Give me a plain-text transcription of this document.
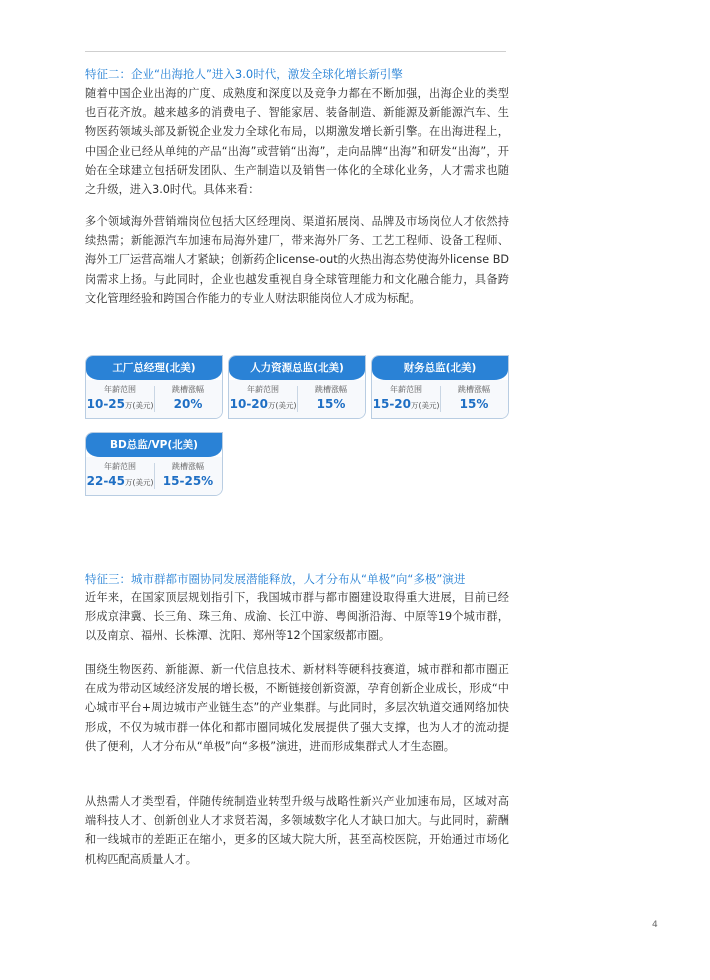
特征二：企业“出海抢人”进入3.0时代，激发全球化增长新引擎

随着中国企业出海的广度、成熟度和深度以及竞争力都在不断加强，出海企业的类型也百花齐放。越来越多的消费电子、智能家居、装备制造、新能源及新能源汽车、生物医药领域头部及新锐企业发力全球化布局，以期激发增长新引擎。在出海进程上，中国企业已经从单纯的产品“出海”或营销“出海”，走向品牌“出海”和研发“出海”，开始在全球建立包括研发团队、生产制造以及销售一体化的全球化业务，人才需求也随之升级，进入3.0时代。具体来看：

多个领域海外营销端岗位包括大区经理岗、渠道拓展岗、品牌及市场岗位人才依然持续热需；新能源汽车加速布局海外建厂，带来海外厂务、工艺工程师、设备工程师、海外工厂运营高端人才紧缺；创新药企license-out的火热出海态势使海外license BD岗需求上扬。与此同时，企业也越发重视自身全球管理能力和文化融合能力，具备跨文化管理经验和跨国合作能力的专业人财法职能岗位人才成为标配。

工厂总经理(北美)
年薪范围
10-25万(美元)
跳槽涨幅
20%
人力资源总监(北美)
年薪范围
10-20万(美元)
跳槽涨幅
15%
财务总监(北美)
年薪范围
15-20万(美元)
跳槽涨幅
15%
BD总监/VP(北美)
年薪范围
22-45万(美元)
跳槽涨幅
15-25%
特征三：城市群都市圈协同发展潜能释放，人才分布从“单极”向“多极”演进

近年来，在国家顶层规划指引下，我国城市群与都市圈建设取得重大进展，目前已经形成京津冀、长三角、珠三角、成渝、长江中游、粤闽浙沿海、中原等19个城市群，以及南京、福州、长株潭、沈阳、郑州等12个国家级都市圈。

围绕生物医药、新能源、新一代信息技术、新材料等硬科技赛道，城市群和都市圈正在成为带动区域经济发展的增长极，不断链接创新资源，孕育创新企业成长，形成“中心城市平台+周边城市产业链生态”的产业集群。与此同时，多层次轨道交通网络加快形成，不仅为城市群一体化和都市圈同城化发展提供了强大支撑，也为人才的流动提供了便利，人才分布从“单极”向“多极”演进，进而形成集群式人才生态圈。

从热需人才类型看，伴随传统制造业转型升级与战略性新兴产业加速布局，区域对高端科技人才、创新创业人才求贤若渴，多领域数字化人才缺口加大。与此同时，薪酬和一线城市的差距正在缩小，更多的区域大院大所，甚至高校医院，开始通过市场化机构匹配高质量人才。

4
